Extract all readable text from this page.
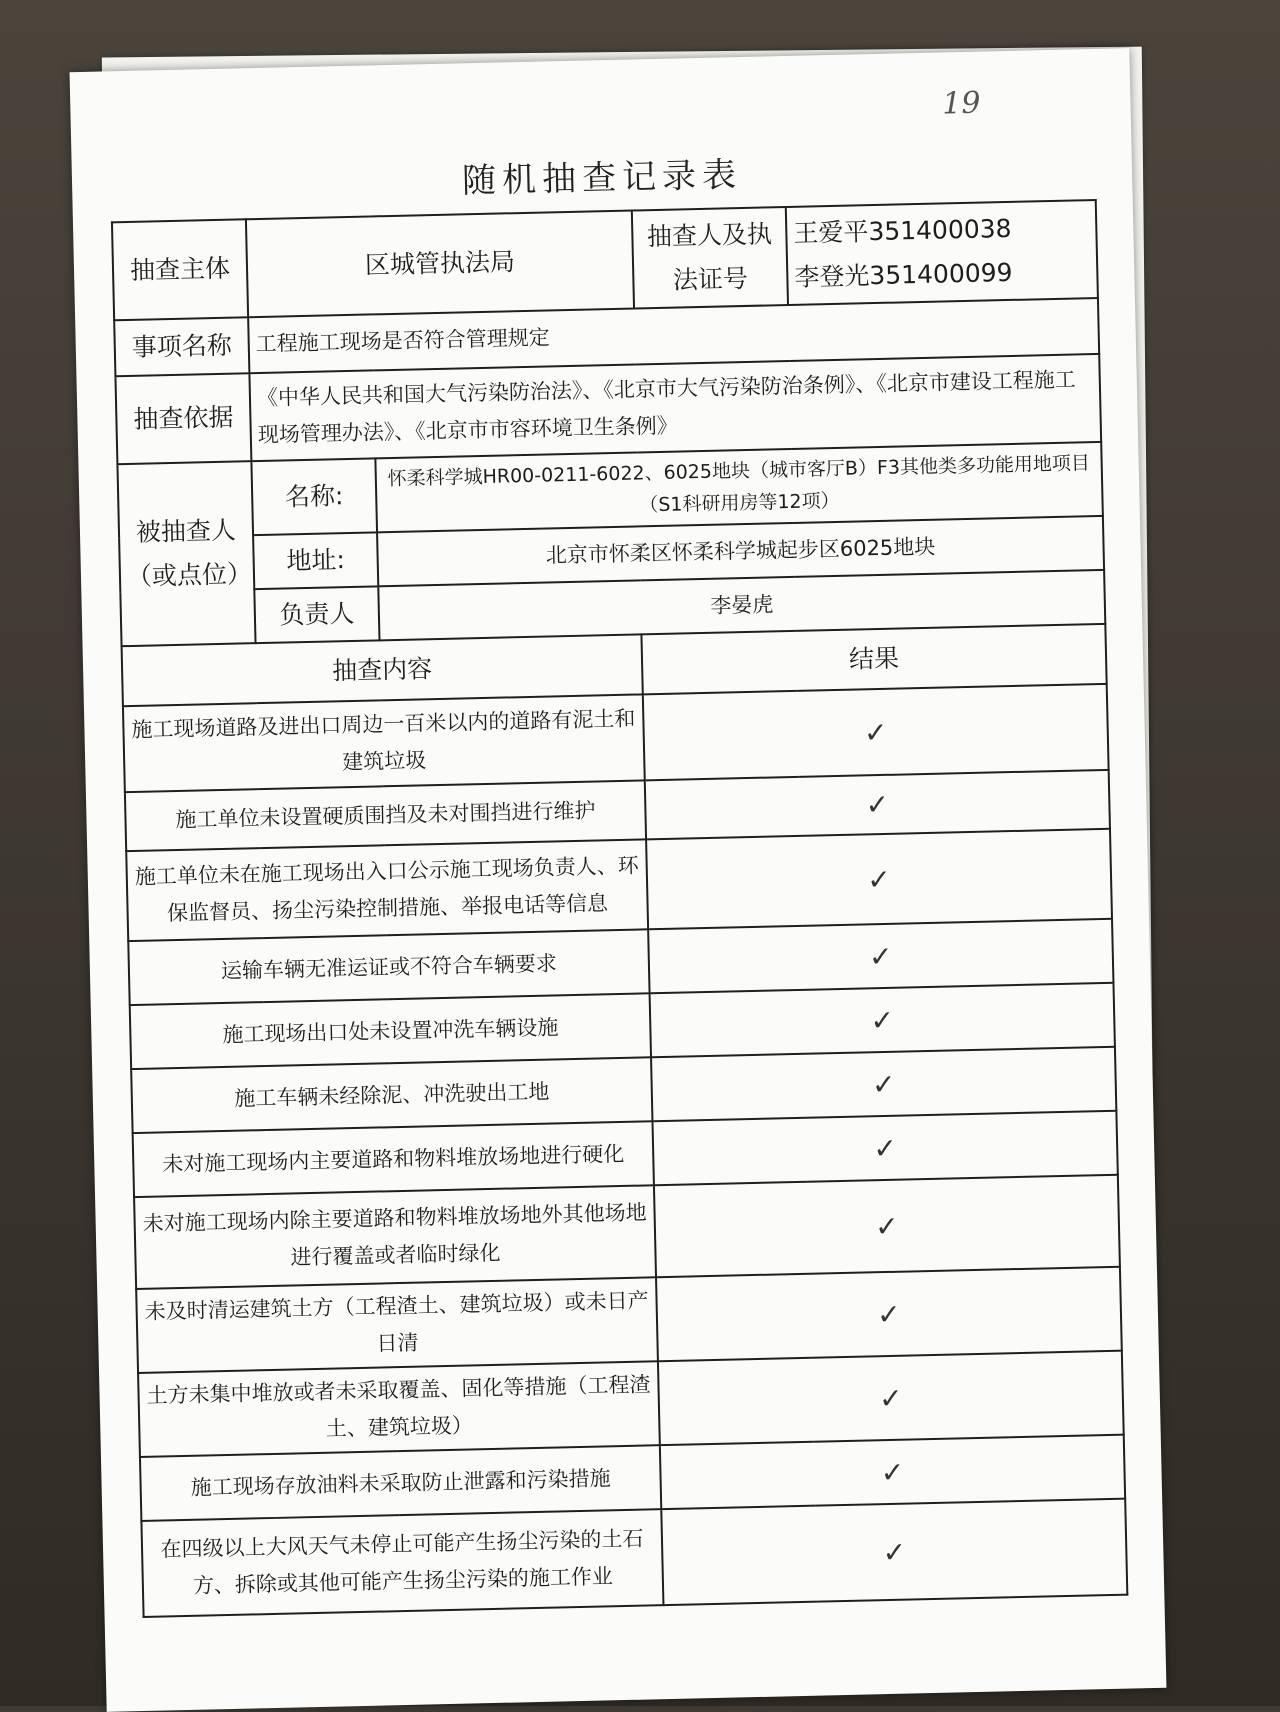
19
随机抽查记录表
抽查主体	区城管执法局		抽查人及执法证号	王爱平351400038
李登光351400099

事项名称	工程施工现场是否符合管理规定			
抽查依据	《中华人民共和国大气污染防治法》、《北京市大气污染防治条例》、《北京市建设工程施工现场管理办法》、《北京市市容环境卫生条例》			
被抽查人（或点位）	名称:	怀柔科学城HR00-0211-6022、6025地块（城市客厅B）F3其他类多功能用地项目（S1科研用房等12项）		
	地址:	北京市怀柔区怀柔科学城起步区6025地块		
	负责人	李晏虎		
抽查内容			结果	
施工现场道路及进出口周边一百米以内的道路有泥土和建筑垃圾			✓	
施工单位未设置硬质围挡及未对围挡进行维护			✓	
施工单位未在施工现场出入口公示施工现场负责人、环保监督员、扬尘污染控制措施、举报电话等信息			✓	
运输车辆无准运证或不符合车辆要求			✓	
施工现场出口处未设置冲洗车辆设施			✓	
施工车辆未经除泥、冲洗驶出工地			✓	
未对施工现场内主要道路和物料堆放场地进行硬化			✓	
未对施工现场内除主要道路和物料堆放场地外其他场地进行覆盖或者临时绿化			✓	
未及时清运建筑土方（工程渣土、建筑垃圾）或未日产日清			✓	
土方未集中堆放或者未采取覆盖、固化等措施（工程渣土、建筑垃圾）			✓	
施工现场存放油料未采取防止泄露和污染措施			✓	
在四级以上大风天气未停止可能产生扬尘污染的土石方、拆除或其他可能产生扬尘污染的施工作业			✓	
